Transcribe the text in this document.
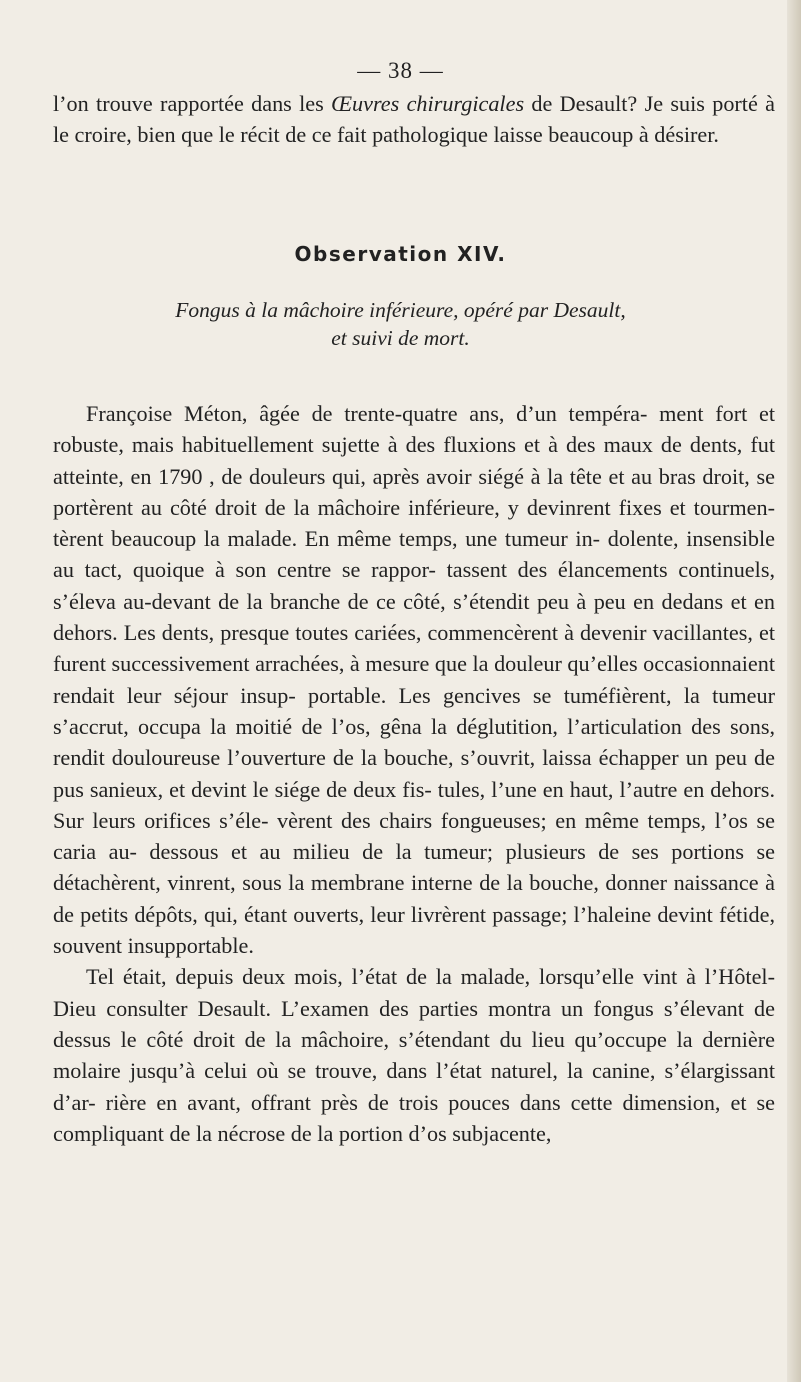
— 38 —

l’on trouve rapportée dans les Œuvres chirurgicales de Desault? Je suis porté à le croire, bien que le récit de ce fait pathologique laisse beaucoup à désirer.

Observation XIV.
Fongus à la mâchoire inférieure, opéré par Desault,
et suivi de mort.

Françoise Méton, âgée de trente-quatre ans, d’un tempéra- ment fort et robuste, mais habituellement sujette à des fluxions et à des maux de dents, fut atteinte, en 1790 , de douleurs qui, après avoir siégé à la tête et au bras droit, se portèrent au côté droit de la mâchoire inférieure, y devinrent fixes et tourmen- tèrent beaucoup la malade. En même temps, une tumeur in- dolente, insensible au tact, quoique à son centre se rappor- tassent des élancements continuels, s’éleva au-devant de la branche de ce côté, s’étendit peu à peu en dedans et en dehors. Les dents, presque toutes cariées, commencèrent à devenir vacillantes, et furent successivement arrachées, à mesure que la douleur qu’elles occasionnaient rendait leur séjour insup- portable. Les gencives se tuméfièrent, la tumeur s’accrut, occupa la moitié de l’os, gêna la déglutition, l’articulation des sons, rendit douloureuse l’ouverture de la bouche, s’ouvrit, laissa échapper un peu de pus sanieux, et devint le siége de deux fis- tules, l’une en haut, l’autre en dehors. Sur leurs orifices s’éle- vèrent des chairs fongueuses; en même temps, l’os se caria au- dessous et au milieu de la tumeur; plusieurs de ses portions se détachèrent, vinrent, sous la membrane interne de la bouche, donner naissance à de petits dépôts, qui, étant ouverts, leur livrèrent passage; l’haleine devint fétide, souvent insupportable.

Tel était, depuis deux mois, l’état de la malade, lorsqu’elle vint à l’Hôtel-Dieu consulter Desault. L’examen des parties montra un fongus s’élevant de dessus le côté droit de la mâchoire, s’étendant du lieu qu’occupe la dernière molaire jusqu’à celui où se trouve, dans l’état naturel, la canine, s’élargissant d’ar- rière en avant, offrant près de trois pouces dans cette dimension, et se compliquant de la nécrose de la portion d’os subjacente,
